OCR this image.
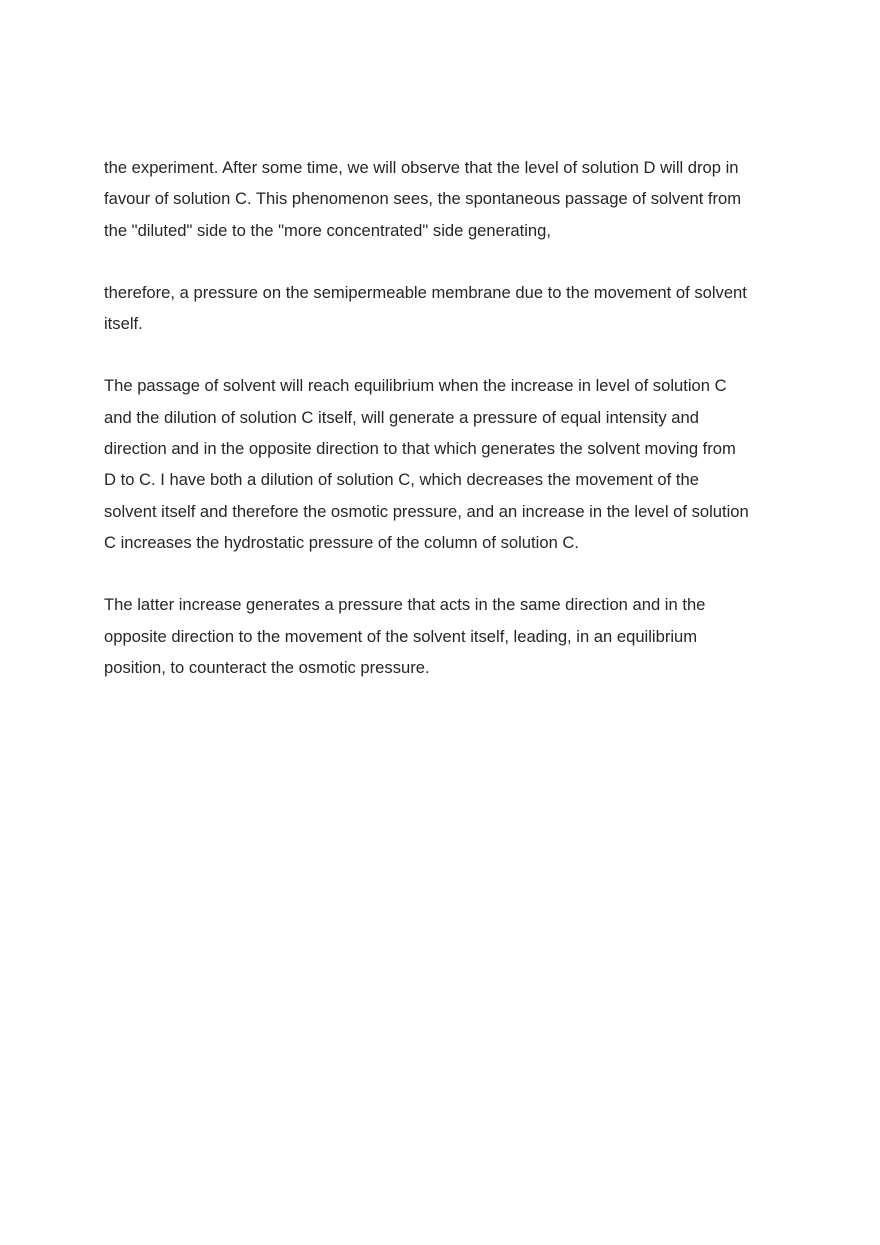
the experiment. After some time, we will observe that the level of solution D will drop in
favour of solution C. This phenomenon sees, the spontaneous passage of solvent from
the "diluted" side to the "more concentrated" side generating,

therefore, a pressure on the semipermeable membrane due to the movement of solvent
itself.

The passage of solvent will reach equilibrium when the increase in level of solution C
and the dilution of solution C itself, will generate a pressure of equal intensity and
direction and in the opposite direction to that which generates the solvent moving from
D to C. I have both a dilution of solution C, which decreases the movement of the
solvent itself and therefore the osmotic pressure, and an increase in the level of solution
C increases the hydrostatic pressure of the column of solution C.

The latter increase generates a pressure that acts in the same direction and in the
opposite direction to the movement of the solvent itself, leading, in an equilibrium
position, to counteract the osmotic pressure.
